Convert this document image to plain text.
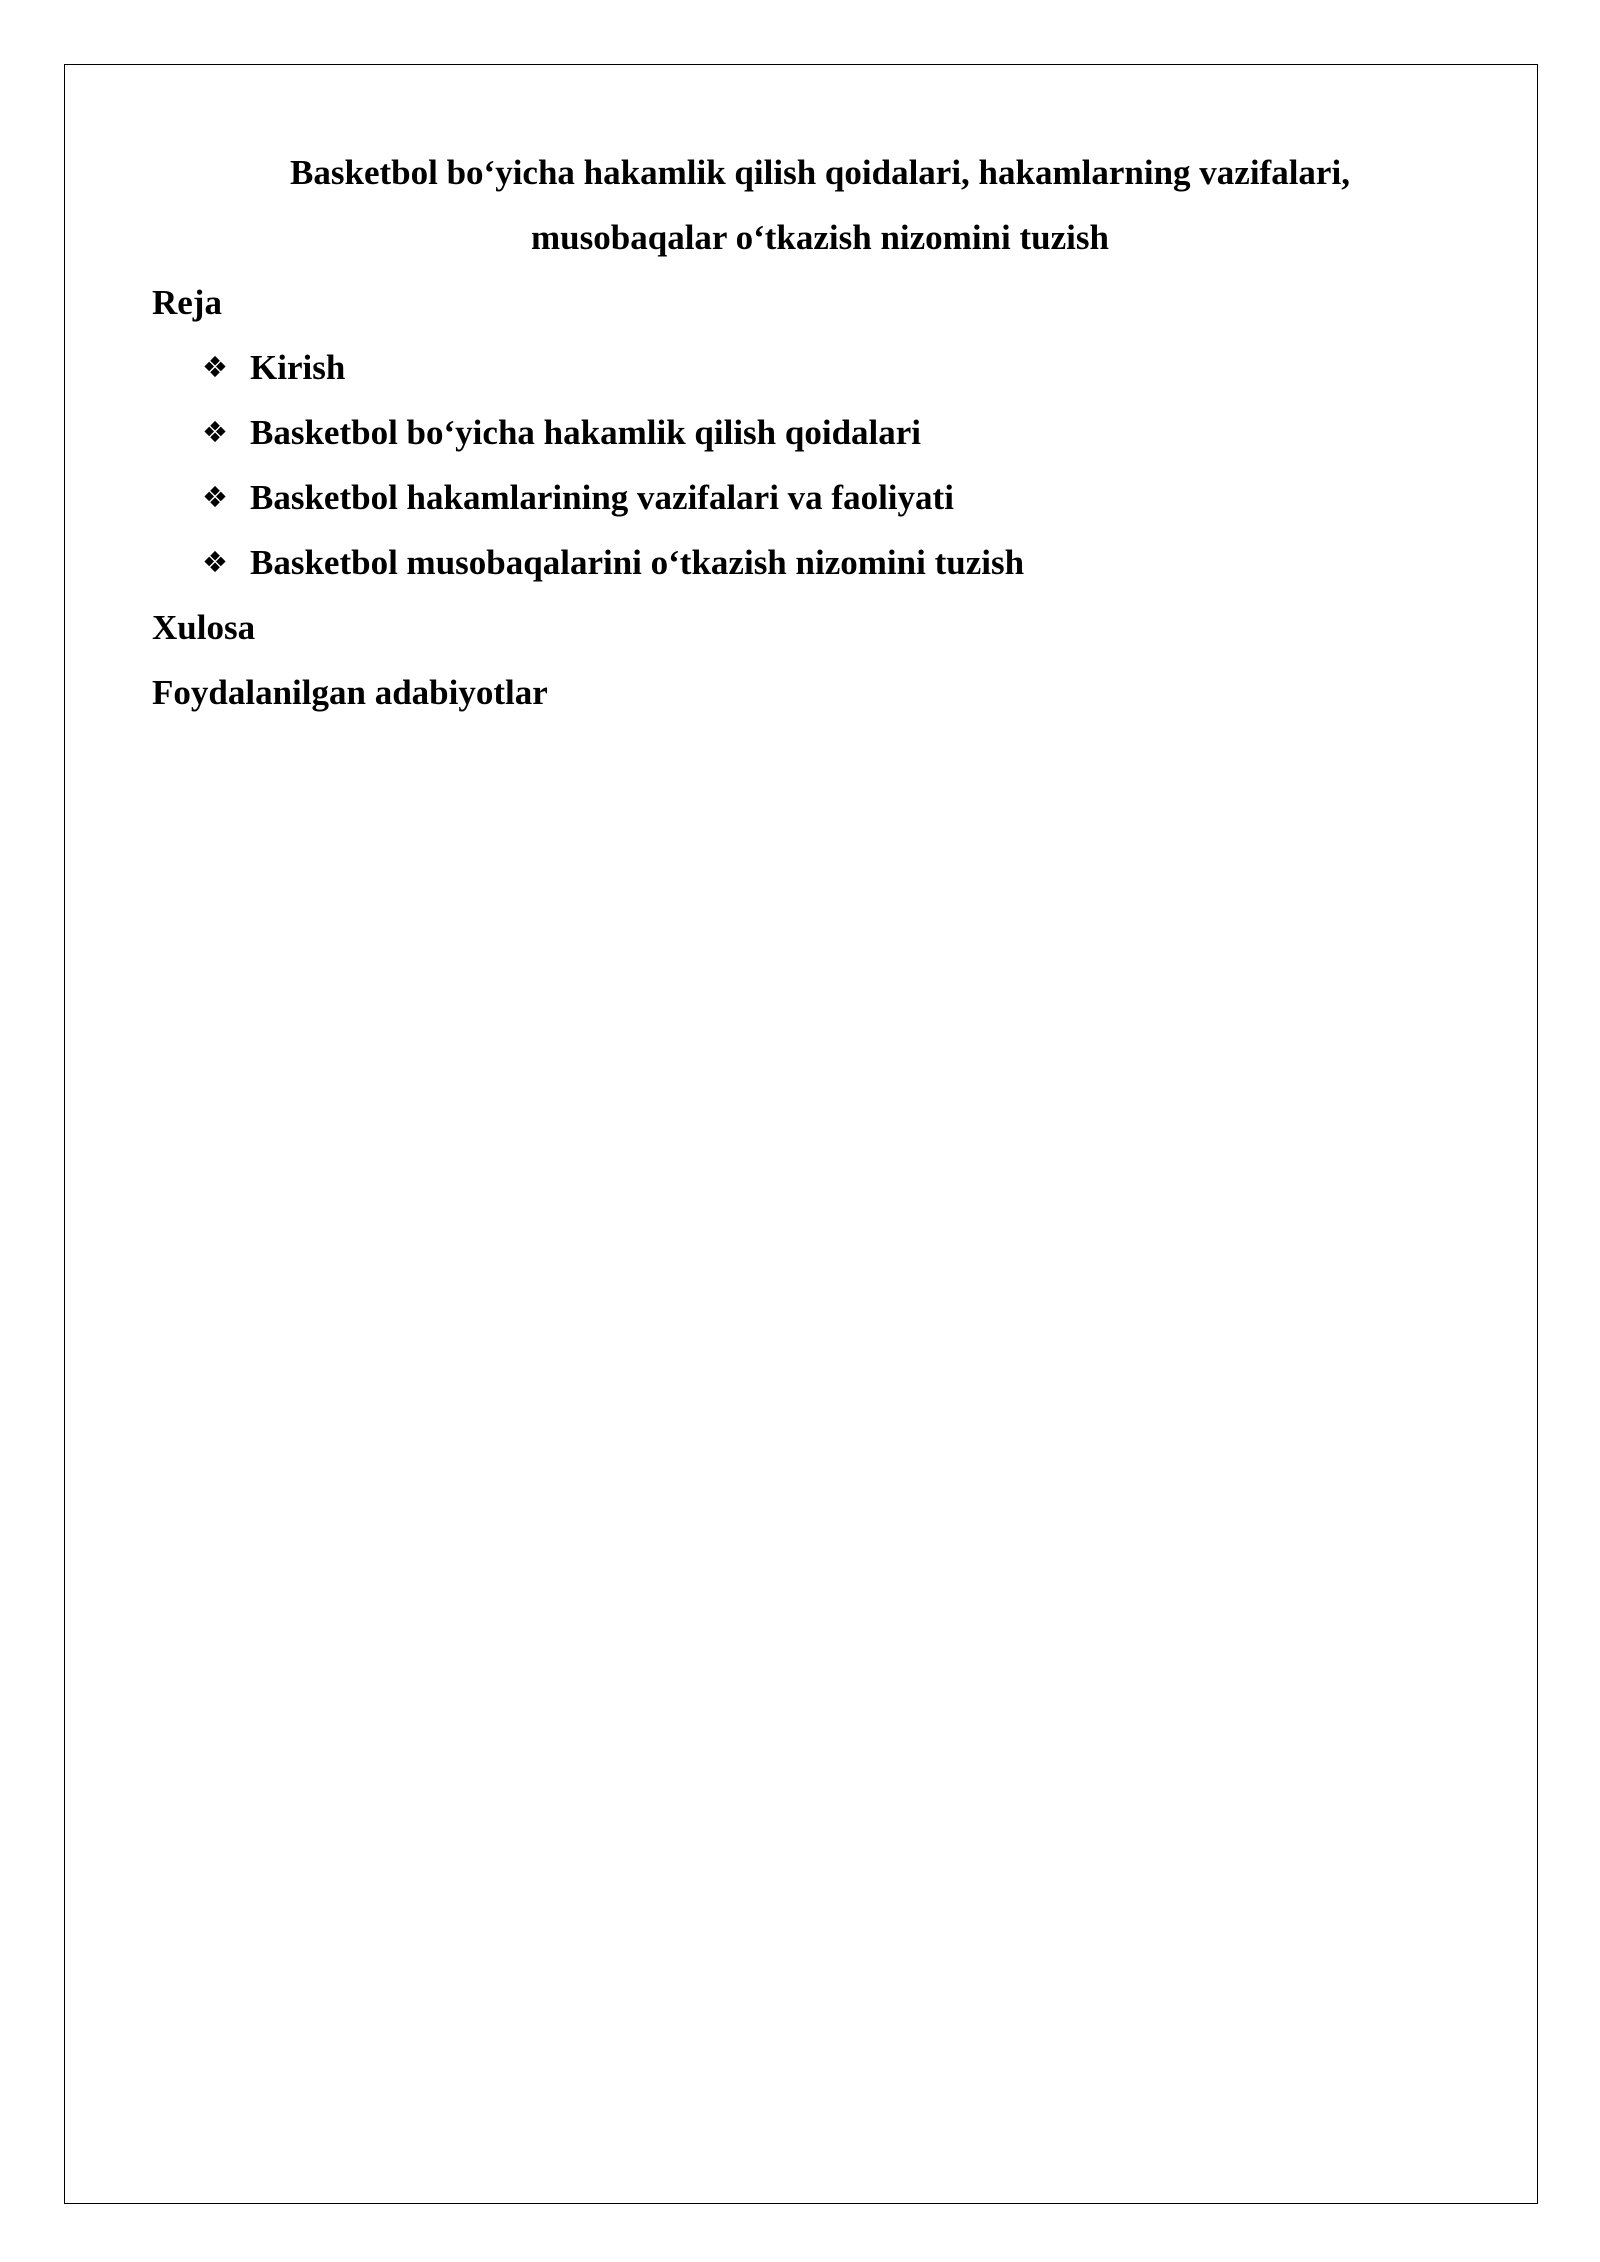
Basketbol bo‘yicha hakamlik qilish qoidalari, hakamlarning vazifalari,
musobaqalar o‘tkazish nizomini tuzish

Reja

❖ Kirish
❖ Basketbol bo‘yicha hakamlik qilish qoidalari
❖ Basketbol hakamlarining vazifalari va faoliyati
❖ Basketbol musobaqalarini o‘tkazish nizomini tuzish

Xulosa

Foydalanilgan adabiyotlar
